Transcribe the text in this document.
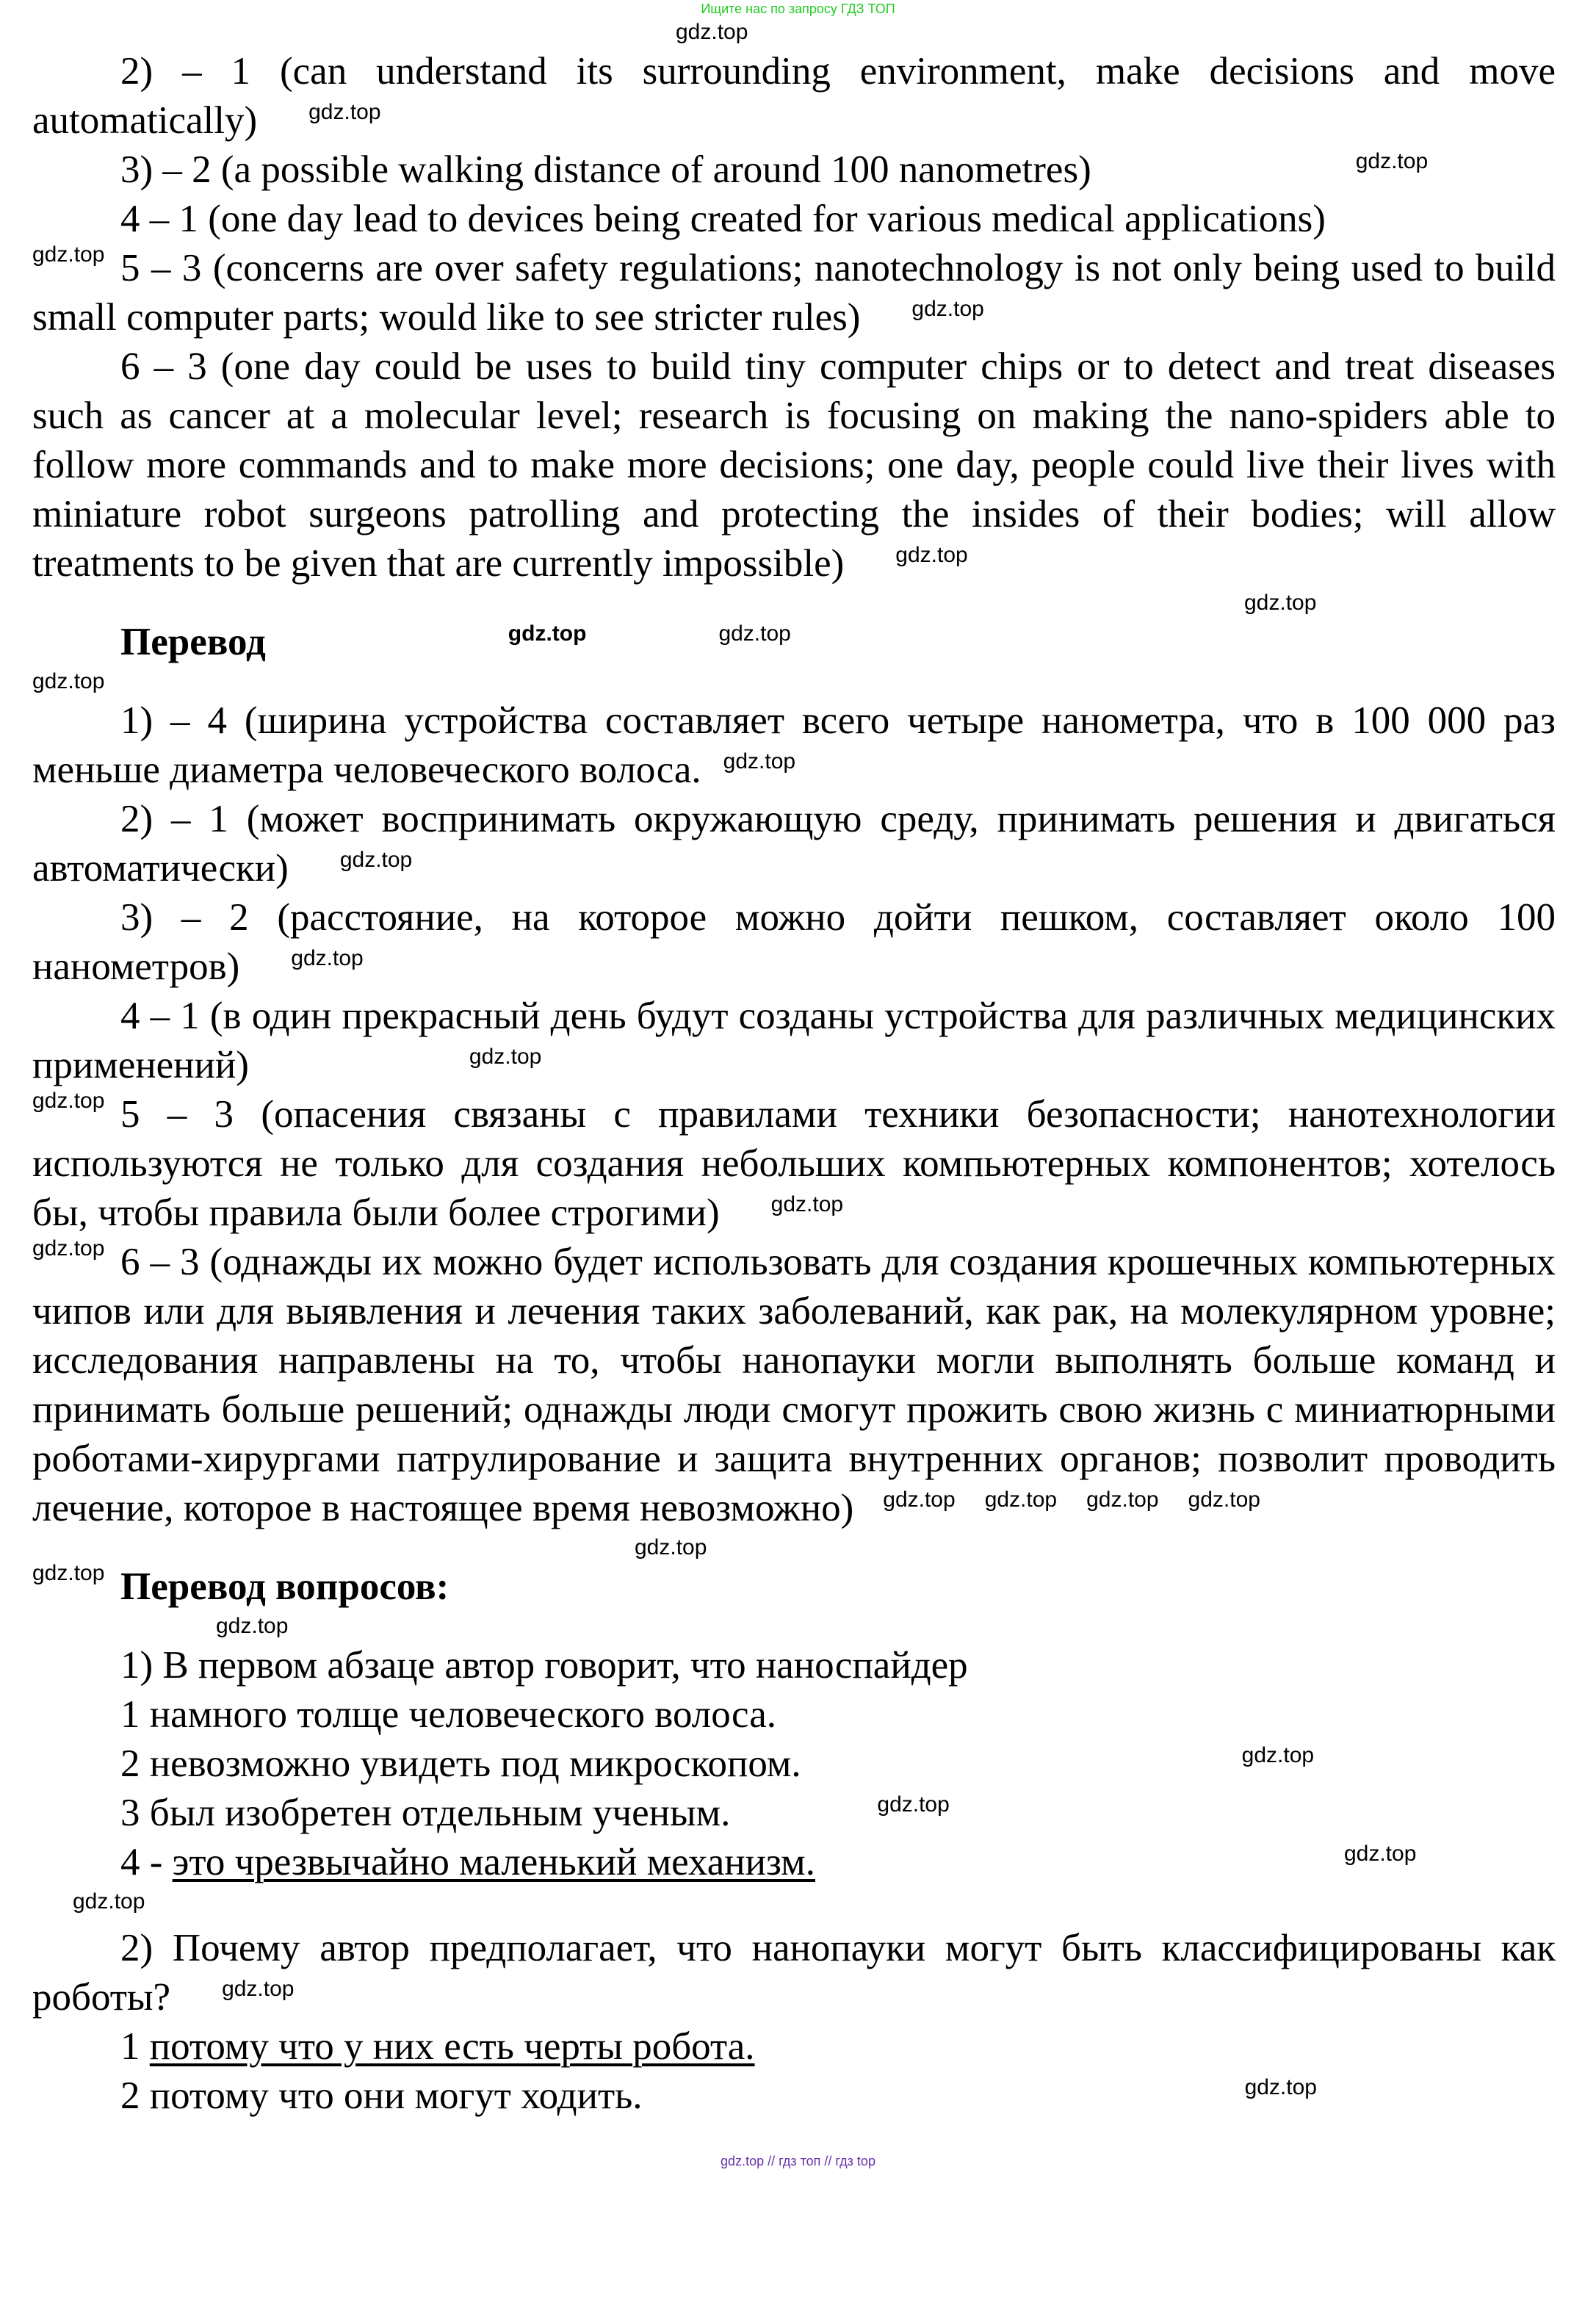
Ищите нас по запросу ГДЗ ТОП
gdz.top

2) – 1 (can understand its surrounding environment, make decisions and move automatically) $^{gdz.top}$

3) – 2 (a possible walking distance of around 100 nanometres)	$^{gdz.top}$

4 – 1 (one day lead to devices being created for various medical applications)

$^{gdz.top}$ 5 – 3 (concerns are over safety regulations; nanotechnology is not only being used to build small computer parts; would like to see stricter rules) $^{gdz.top}$

6 – 3 (one day could be uses to build tiny computer chips or to detect and treat diseases such as cancer at a molecular level; research is focusing on making the nano-spiders able to follow more commands and to make more decisions; one day, people could live their lives with miniature robot surgeons patrolling and protecting the insides of their bodies; will allow treatments to be given that are currently impossible) $^{gdz.top}$

gdz.top
Перевод	$^{gdz.top}$	$^{gdz.top}$
gdz.top

1) – 4 (ширина устройства составляет всего четыре нанометра, что в 100 000 раз меньше диаметра человеческого волоса. $^{gdz.top}$

2) – 1 (может воспринимать окружающую среду, принимать решения и двигаться автоматически) $^{gdz.top}$

3) – 2 (расстояние, на которое можно дойти пешком, составляет около 100 нанометров) $^{gdz.top}$

4 – 1 (в один прекрасный день будут созданы устройства для различных медицинских применений)	$^{gdz.top}$

$^{gdz.top}$ 5 – 3 (опасения связаны с правилами техники безопасности; нанотехнологии используются не только для создания небольших компьютерных компонентов; хотелось бы, чтобы правила были более строгими) $^{gdz.top}$

$^{gdz.top}$ 6 – 3 (однажды их можно будет использовать для создания крошечных компьютерных чипов или для выявления и лечения таких заболеваний, как рак, на молекулярном уровне; исследования направлены на то, чтобы нанопауки могли выполнять больше команд и принимать больше решений; однажды люди смогут прожить свою жизнь с миниатюрными роботами-хирургами патрулирование и защита внутренних органов; позволит проводить лечение, которое в настоящее время невозможно) $^{gdz.top}$ $^{gdz.top}$ $^{gdz.top}$ $^{gdz.top}$

gdz.top
$^{gdz.top}$ Перевод вопросов:
gdz.top

1) В первом абзаце автор говорит, что наноспайдер

1 намного толще человеческого волоса.

2 невозможно увидеть под микроскопом.	$^{gdz.top}$

3 был изобретен отдельным ученым.	$^{gdz.top}$

4 - это чрезвычайно маленький механизм.	$^{gdz.top}$

gdz.top

2) Почему автор предполагает, что нанопауки могут быть классифицированы как роботы? $^{gdz.top}$

1 потому что у них есть черты робота.

2 потому что они могут ходить.	$^{gdz.top}$

gdz.top // гдз топ // гдз top
